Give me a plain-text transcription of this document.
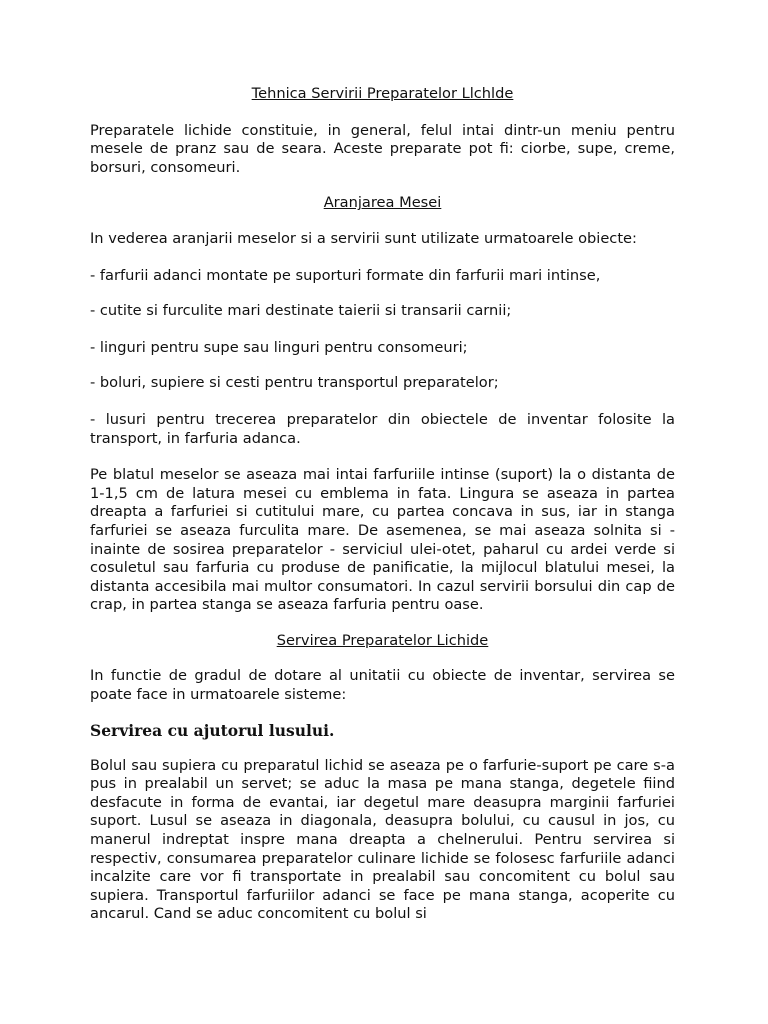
Tehnica Servirii Preparatelor Llchlde

Preparatele lichide constituie, in general, felul intai dintr-un meniu pentru mesele de pranz sau de seara. Aceste preparate pot fi: ciorbe, supe, creme, borsuri, consomeuri.

Aranjarea Mesei

In vederea aranjarii meselor si a servirii sunt utilizate urmatoarele obiecte:

- farfurii adanci montate pe suporturi formate din farfurii mari intinse,

- cutite si furculite mari destinate taierii si transarii carnii;

- linguri pentru supe sau linguri pentru consomeuri;

- boluri, supiere si cesti pentru transportul preparatelor;

- lusuri pentru trecerea preparatelor din obiectele de inventar folosite la transport, in farfuria adanca.

Pe blatul meselor se aseaza mai intai farfuriile intinse (suport) la o distanta de 1-1,5 cm de latura mesei cu emblema in fata. Lingura se aseaza in partea dreapta a farfuriei si cutitului mare, cu partea concava in sus, iar in stanga farfuriei se aseaza furculita mare. De asemenea, se mai aseaza solnita si - inainte de sosirea preparatelor - serviciul ulei-otet, paharul cu ardei verde si cosuletul sau farfuria cu produse de panificatie, la mijlocul blatului mesei, la distanta accesibila mai multor consumatori. In cazul servirii borsului din cap de crap, in partea stanga se aseaza farfuria pentru oase.

Servirea Preparatelor Lichide

In functie de gradul de dotare al unitatii cu obiecte de inventar, servirea se poate face in urmatoarele sisteme:

Servirea cu ajutorul lusului.

Bolul sau supiera cu preparatul lichid se aseaza pe o farfurie-suport pe care s-a pus in prealabil un servet; se aduc la masa pe mana stanga, degetele fiind desfacute in forma de evantai, iar degetul mare deasupra marginii farfuriei suport. Lusul se aseaza in diagonala, deasupra bolului, cu causul in jos, cu manerul indreptat inspre mana dreapta a chelnerului. Pentru servirea si respectiv, consumarea preparatelor culinare lichide se folosesc farfuriile adanci incalzite care vor fi transportate in prealabil sau concomitent cu bolul sau supiera. Transportul farfuriilor adanci se face pe mana stanga, acoperite cu ancarul. Cand se aduc concomitent cu bolul si
